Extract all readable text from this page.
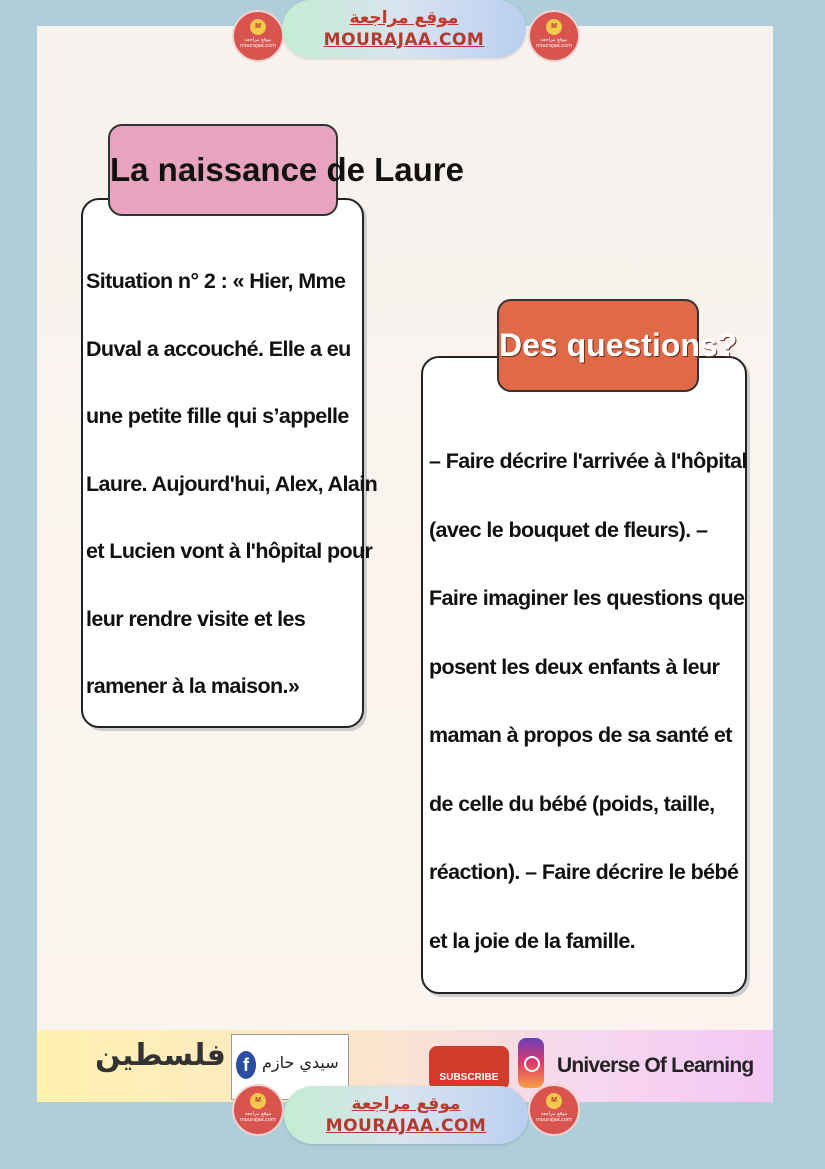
M
موقع مراجعة
mourajaa.com
موقع مراجعة
MOURAJAA.COM
M
موقع مراجعة
mourajaa.com
فلسطين f سيدي حازم
SUBSCRIBE
Universe Of Learning
Situation n° 2 : « Hier, Mme
Duval a accouché. Elle a eu
une petite fille qui s’appelle
Laure. Aujourd'hui, Alex, Alain
et Lucien vont à l'hôpital pour
leur rendre visite et les
ramener à la maison.»
La naissance de Laure
– Faire décrire l'arrivée à l'hôpital
(avec le bouquet de fleurs). –
Faire imaginer les questions que
posent les deux enfants à leur
maman à propos de sa santé et
de celle du bébé (poids, taille,
réaction). – Faire décrire le bébé
et la joie de la famille.
Des questions?
M
موقع مراجعة
mourajaa.com
موقع مراجعة
MOURAJAA.COM
M
موقع مراجعة
mourajaa.com
